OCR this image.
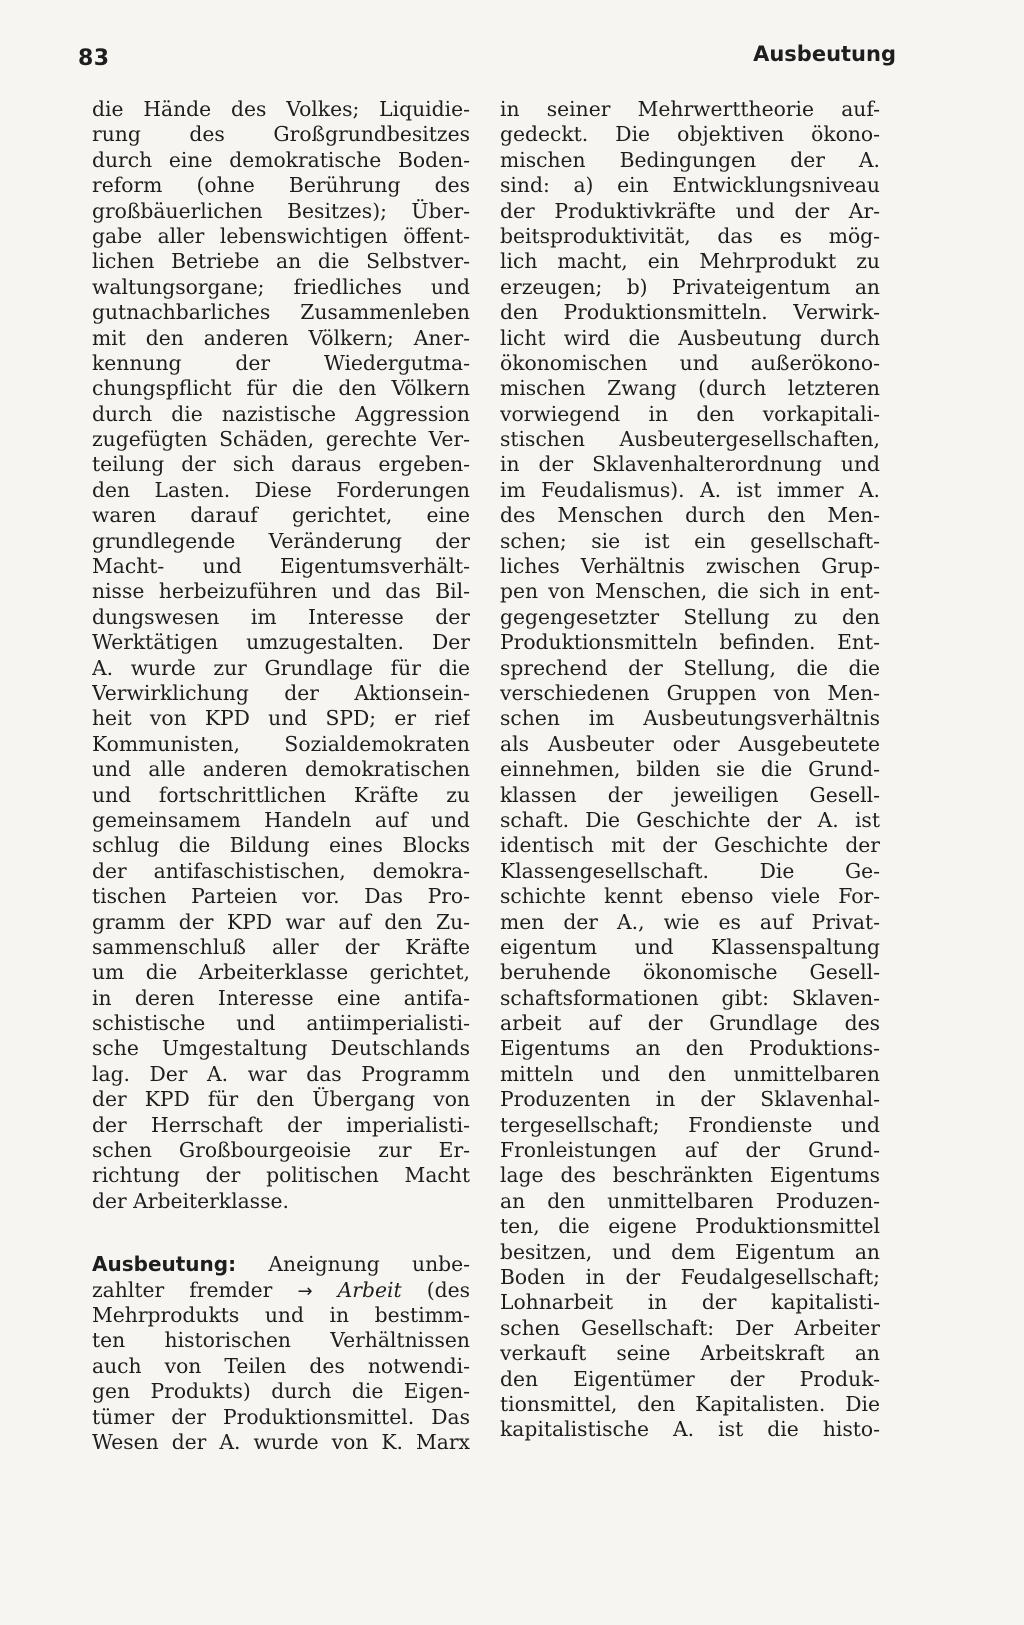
83	Ausbeutung
die Hände des Volkes; Liquidie-
rung des Großgrundbesitzes
durch eine demokratische Boden-
reform (ohne Berührung des
großbäuerlichen Besitzes); Über-
gabe aller lebenswichtigen öffent-
lichen Betriebe an die Selbstver-
waltungsorgane; friedliches und
gutnachbarliches Zusammenleben
mit den anderen Völkern; Aner-
kennung der Wiedergutma-
chungspflicht für die den Völkern
durch die nazistische Aggression
zugefügten Schäden, gerechte Ver-
teilung der sich daraus ergeben-
den Lasten. Diese Forderungen
waren darauf gerichtet, eine
grundlegende Veränderung der
Macht- und Eigentumsverhält-
nisse herbeizuführen und das Bil-
dungswesen im Interesse der
Werktätigen umzugestalten. Der
A. wurde zur Grundlage für die
Verwirklichung der Aktionsein-
heit von KPD und SPD; er rief
Kommunisten, Sozialdemokraten
und alle anderen demokratischen
und fortschrittlichen Kräfte zu
gemeinsamem Handeln auf und
schlug die Bildung eines Blocks
der antifaschistischen, demokra-
tischen Parteien vor. Das Pro-
gramm der KPD war auf den Zu-
sammenschluß aller der Kräfte
um die Arbeiterklasse gerichtet,
in deren Interesse eine antifa-
schistische und antiimperialisti-
sche Umgestaltung Deutschlands
lag. Der A. war das Programm
der KPD für den Übergang von
der Herrschaft der imperialisti-
schen Großbourgeoisie zur Er-
richtung der politischen Macht
der Arbeiterklasse.
Ausbeutung: Aneignung unbe-
zahlter fremder → Arbeit (des
Mehrprodukts und in bestimm-
ten historischen Verhältnissen
auch von Teilen des notwendi-
gen Produkts) durch die Eigen-
tümer der Produktionsmittel. Das
Wesen der A. wurde von K. Marx
in seiner Mehrwerttheorie auf-
gedeckt. Die objektiven ökono-
mischen Bedingungen der A.
sind: a) ein Entwicklungsniveau
der Produktivkräfte und der Ar-
beitsproduktivität, das es mög-
lich macht, ein Mehrprodukt zu
erzeugen; b) Privateigentum an
den Produktionsmitteln. Verwirk-
licht wird die Ausbeutung durch
ökonomischen und außerökono-
mischen Zwang (durch letzteren
vorwiegend in den vorkapitali-
stischen Ausbeutergesellschaften,
in der Sklavenhalterordnung und
im Feudalismus). A. ist immer A.
des Menschen durch den Men-
schen; sie ist ein gesellschaft-
liches Verhältnis zwischen Grup-
pen von Menschen, die sich in ent-
gegengesetzter Stellung zu den
Produktionsmitteln befinden. Ent-
sprechend der Stellung, die die
verschiedenen Gruppen von Men-
schen im Ausbeutungsverhältnis
als Ausbeuter oder Ausgebeutete
einnehmen, bilden sie die Grund-
klassen der jeweiligen Gesell-
schaft. Die Geschichte der A. ist
identisch mit der Geschichte der
Klassengesellschaft. Die Ge-
schichte kennt ebenso viele For-
men der A., wie es auf Privat-
eigentum und Klassenspaltung
beruhende ökonomische Gesell-
schaftsformationen gibt: Sklaven-
arbeit auf der Grundlage des
Eigentums an den Produktions-
mitteln und den unmittelbaren
Produzenten in der Sklavenhal-
tergesellschaft; Frondienste und
Fronleistungen auf der Grund-
lage des beschränkten Eigentums
an den unmittelbaren Produzen-
ten, die eigene Produktionsmittel
besitzen, und dem Eigentum an
Boden in der Feudalgesellschaft;
Lohnarbeit in der kapitalisti-
schen Gesellschaft: Der Arbeiter
verkauft seine Arbeitskraft an
den Eigentümer der Produk-
tionsmittel, den Kapitalisten. Die
kapitalistische A. ist die histo-
